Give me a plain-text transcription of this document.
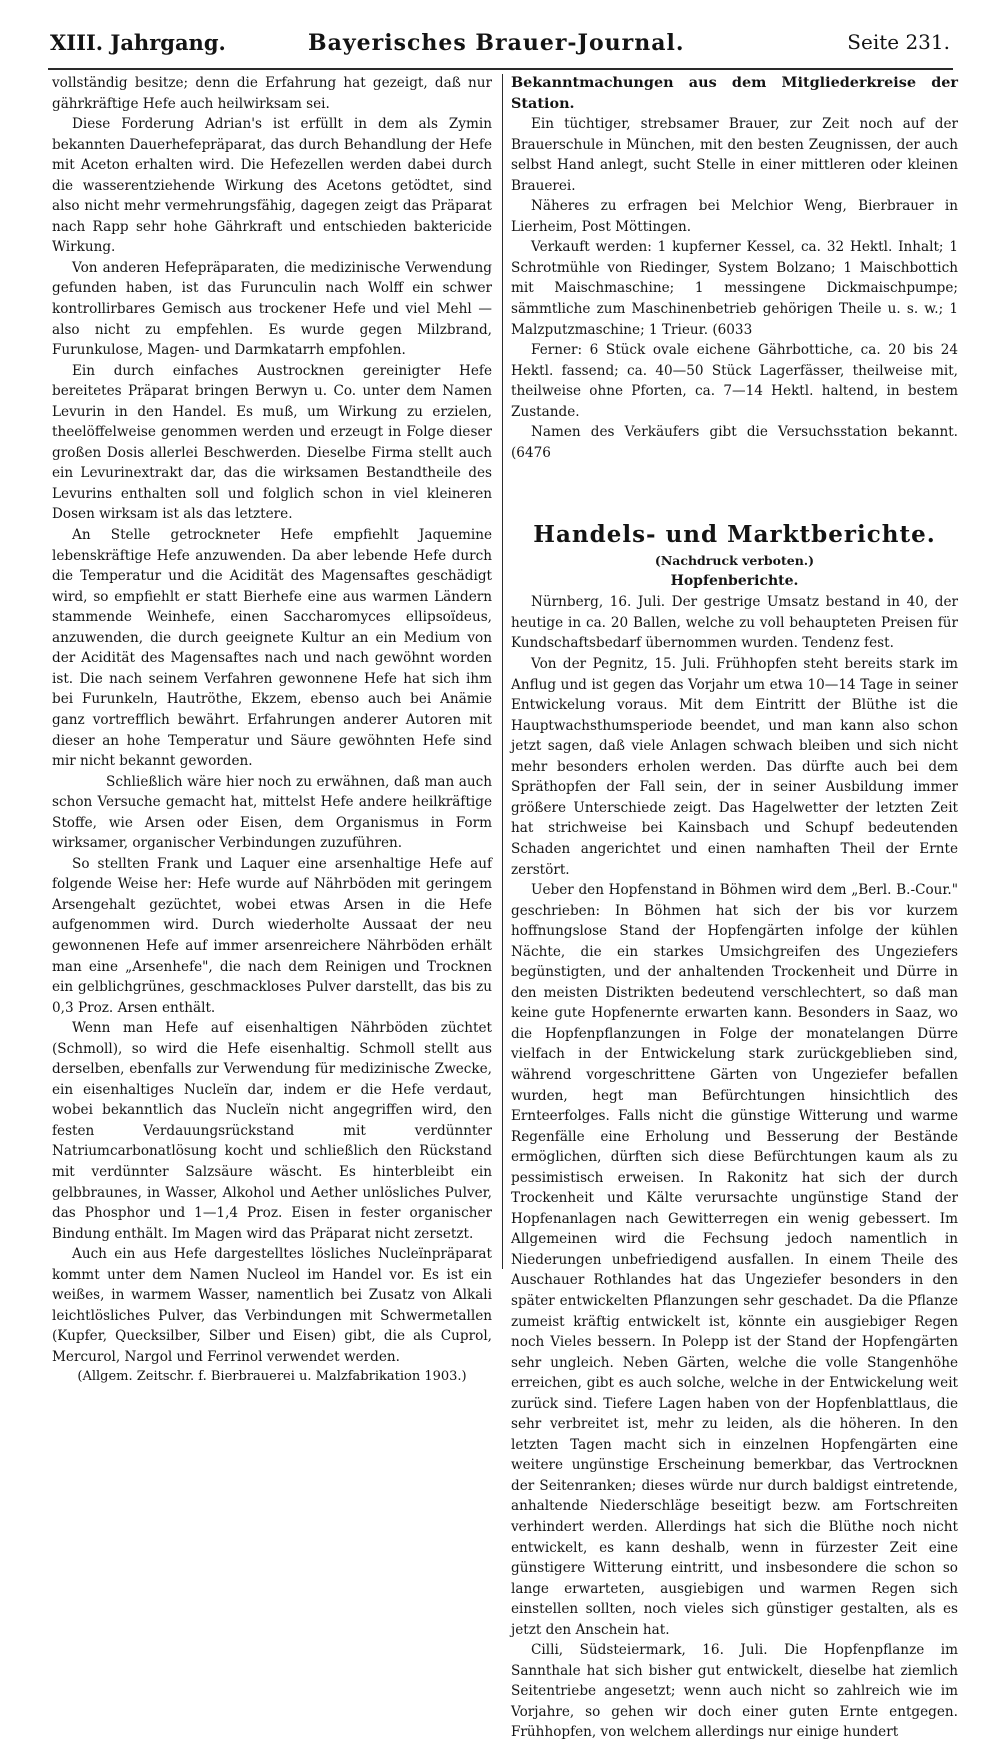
XIII. Jahrgang.	Bayerisches Brauer-Journal.	Seite 231.

vollständig besitze; denn die Erfahrung hat gezeigt, daß nur gährkräftige Hefe auch heilwirksam sei.

Diese Forderung Adrian's ist erfüllt in dem als Zymin bekannten Dauerhefepräparat, das durch Behandlung der Hefe mit Aceton erhalten wird. Die Hefezellen werden dabei durch die wasserentziehende Wirkung des Acetons getödtet, sind also nicht mehr vermehrungsfähig, dagegen zeigt das Präparat nach Rapp sehr hohe Gährkraft und entschieden baktericide Wirkung.

Von anderen Hefepräparaten, die medizinische Verwendung gefunden haben, ist das Furunculin nach Wolff ein schwer kontrollirbares Gemisch aus trockener Hefe und viel Mehl — also nicht zu empfehlen. Es wurde gegen Milzbrand, Furunkulose, Magen- und Darmkatarrh empfohlen.

Ein durch einfaches Austrocknen gereinigter Hefe bereitetes Präparat bringen Berwyn u. Co. unter dem Namen Levurin in den Handel. Es muß, um Wirkung zu erzielen, theelöffelweise genommen werden und erzeugt in Folge dieser großen Dosis allerlei Beschwerden. Dieselbe Firma stellt auch ein Levurinextrakt dar, das die wirksamen Bestandtheile des Levurins enthalten soll und folglich schon in viel kleineren Dosen wirksam ist als das letztere.

An Stelle getrockneter Hefe empfiehlt Jaquemine lebenskräftige Hefe anzuwenden. Da aber lebende Hefe durch die Temperatur und die Acidität des Magensaftes geschädigt wird, so empfiehlt er statt Bierhefe eine aus warmen Ländern stammende Weinhefe, einen Saccharomyces ellipsoïdeus, anzuwenden, die durch geeignete Kultur an ein Medium von der Acidität des Magensaftes nach und nach gewöhnt worden ist. Die nach seinem Verfahren gewonnene Hefe hat sich ihm bei Furunkeln, Hautröthe, Ekzem, ebenso auch bei Anämie ganz vortrefflich bewährt. Erfahrungen anderer Autoren mit dieser an hohe Temperatur und Säure gewöhnten Hefe sind mir nicht bekannt geworden.

Schließlich wäre hier noch zu erwähnen, daß man auch schon Versuche gemacht hat, mittelst Hefe andere heilkräftige Stoffe, wie Arsen oder Eisen, dem Organismus in Form wirksamer, organischer Verbindungen zuzuführen.

So stellten Frank und Laquer eine arsenhaltige Hefe auf folgende Weise her: Hefe wurde auf Nährböden mit geringem Arsengehalt gezüchtet, wobei etwas Arsen in die Hefe aufgenommen wird. Durch wiederholte Aussaat der neu gewonnenen Hefe auf immer arsenreichere Nährböden erhält man eine „Arsenhefe", die nach dem Reinigen und Trocknen ein gelblichgrünes, geschmackloses Pulver darstellt, das bis zu 0,3 Proz. Arsen enthält.

Wenn man Hefe auf eisenhaltigen Nährböden züchtet (Schmoll), so wird die Hefe eisenhaltig. Schmoll stellt aus derselben, ebenfalls zur Verwendung für medizinische Zwecke, ein eisenhaltiges Nucleïn dar, indem er die Hefe verdaut, wobei bekanntlich das Nucleïn nicht angegriffen wird, den festen Verdauungsrückstand mit verdünnter Natriumcarbonatlösung kocht und schließlich den Rückstand mit verdünnter Salzsäure wäscht. Es hinterbleibt ein gelbbraunes, in Wasser, Alkohol und Aether unlösliches Pulver, das Phosphor und 1—1,4 Proz. Eisen in fester organischer Bindung enthält. Im Magen wird das Präparat nicht zersetzt.

Auch ein aus Hefe dargestelltes lösliches Nucleïnpräparat kommt unter dem Namen Nucleol im Handel vor. Es ist ein weißes, in warmem Wasser, namentlich bei Zusatz von Alkali leichtlösliches Pulver, das Verbindungen mit Schwermetallen (Kupfer, Quecksilber, Silber und Eisen) gibt, die als Cuprol, Mercurol, Nargol und Ferrinol verwendet werden.

(Allgem. Zeitschr. f. Bierbrauerei u. Malzfabrikation 1903.)

Bekanntmachungen aus dem Mitgliederkreise der Station.

Ein tüchtiger, strebsamer Brauer, zur Zeit noch auf der Brauerschule in München, mit den besten Zeugnissen, der auch selbst Hand anlegt, sucht Stelle in einer mittleren oder kleinen Brauerei.

Näheres zu erfragen bei Melchior Weng, Bierbrauer in Lierheim, Post Möttingen.

Verkauft werden: 1 kupferner Kessel, ca. 32 Hektl. Inhalt; 1 Schrotmühle von Riedinger, System Bolzano; 1 Maischbottich mit Maischmaschine; 1 messingene Dickmaischpumpe; sämmtliche zum Maschinenbetrieb gehörigen Theile u. s. w.; 1 Malzputzmaschine; 1 Trieur. (6033

Ferner: 6 Stück ovale eichene Gährbottiche, ca. 20 bis 24 Hektl. fassend; ca. 40—50 Stück Lagerfässer, theilweise mit, theilweise ohne Pforten, ca. 7—14 Hektl. haltend, in bestem Zustande.

Namen des Verkäufers gibt die Versuchsstation bekannt. (6476

Handels- und Marktberichte.
(Nachdruck verboten.)
Hopfenberichte.

Nürnberg, 16. Juli. Der gestrige Umsatz bestand in 40, der heutige in ca. 20 Ballen, welche zu voll behaupteten Preisen für Kundschaftsbedarf übernommen wurden. Tendenz fest.

Von der Pegnitz, 15. Juli. Frühhopfen steht bereits stark im Anflug und ist gegen das Vorjahr um etwa 10—14 Tage in seiner Entwickelung voraus. Mit dem Eintritt der Blüthe ist die Hauptwachsthumsperiode beendet, und man kann also schon jetzt sagen, daß viele Anlagen schwach bleiben und sich nicht mehr besonders erholen werden. Das dürfte auch bei dem Spräthopfen der Fall sein, der in seiner Ausbildung immer größere Unterschiede zeigt. Das Hagelwetter der letzten Zeit hat strichweise bei Kainsbach und Schupf bedeutenden Schaden angerichtet und einen namhaften Theil der Ernte zerstört.

Ueber den Hopfenstand in Böhmen wird dem „Berl. B.-Cour." geschrieben: In Böhmen hat sich der bis vor kurzem hoffnungslose Stand der Hopfengärten infolge der kühlen Nächte, die ein starkes Umsichgreifen des Ungeziefers begünstigten, und der anhaltenden Trockenheit und Dürre in den meisten Distrikten bedeutend verschlechtert, so daß man keine gute Hopfenernte erwarten kann. Besonders in Saaz, wo die Hopfenpflanzungen in Folge der monatelangen Dürre vielfach in der Entwickelung stark zurückgeblieben sind, während vorgeschrittene Gärten von Ungeziefer befallen wurden, hegt man Befürchtungen hinsichtlich des Ernteerfolges. Falls nicht die günstige Witterung und warme Regenfälle eine Erholung und Besserung der Bestände ermöglichen, dürften sich diese Befürchtungen kaum als zu pessimistisch erweisen. In Rakonitz hat sich der durch Trockenheit und Kälte verursachte ungünstige Stand der Hopfenanlagen nach Gewitterregen ein wenig gebessert. Im Allgemeinen wird die Fechsung jedoch namentlich in Niederungen unbefriedigend ausfallen. In einem Theile des Auschauer Rothlandes hat das Ungeziefer besonders in den später entwickelten Pflanzungen sehr geschadet. Da die Pflanze zumeist kräftig entwickelt ist, könnte ein ausgiebiger Regen noch Vieles bessern. In Polepp ist der Stand der Hopfengärten sehr ungleich. Neben Gärten, welche die volle Stangenhöhe erreichen, gibt es auch solche, welche in der Entwickelung weit zurück sind. Tiefere Lagen haben von der Hopfenblattlaus, die sehr verbreitet ist, mehr zu leiden, als die höheren. In den letzten Tagen macht sich in einzelnen Hopfengärten eine weitere ungünstige Erscheinung bemerkbar, das Vertrocknen der Seitenranken; dieses würde nur durch baldigst eintretende, anhaltende Niederschläge beseitigt bezw. am Fortschreiten verhindert werden. Allerdings hat sich die Blüthe noch nicht entwickelt, es kann deshalb, wenn in fürzester Zeit eine günstigere Witterung eintritt, und insbesondere die schon so lange erwarteten, ausgiebigen und warmen Regen sich einstellen sollten, noch vieles sich günstiger gestalten, als es jetzt den Anschein hat.

Cilli, Südsteiermark, 16. Juli. Die Hopfenpflanze im Sannthale hat sich bisher gut entwickelt, dieselbe hat ziemlich Seitentriebe angesetzt; wenn auch nicht so zahlreich wie im Vorjahre, so gehen wir doch einer guten Ernte entgegen. Frühhopfen, von welchem allerdings nur einige hundert
